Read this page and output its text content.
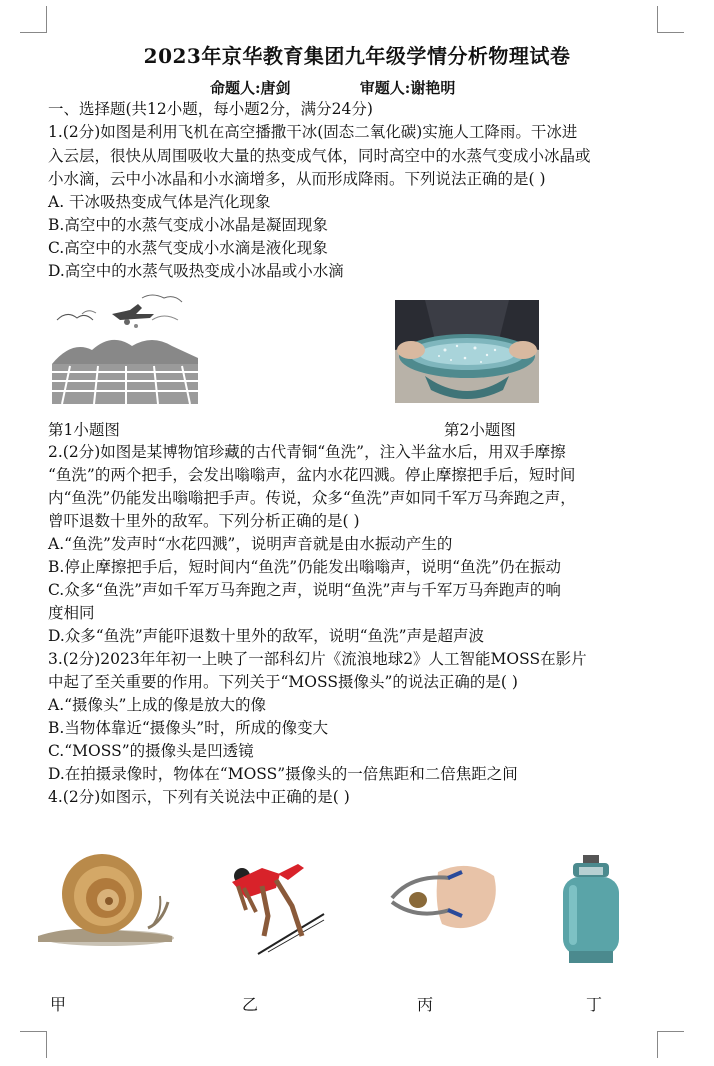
2023年京华教育集团九年级学情分析物理试卷
命题人:唐剑	审题人:谢艳明
一、选择题(共12小题，每小题2分，满分24分)
1.(2分)如图是利用飞机在高空播撒干冰(固态二氧化碳)实施人工降雨。干冰进
入云层，很快从周围吸收大量的热变成气体，同时高空中的水蒸气变成小冰晶或
小水滴，云中小冰晶和小水滴增多，从而形成降雨。下列说法正确的是( )
A. 干冰吸热变成气体是汽化现象
B.高空中的水蒸气变成小冰晶是凝固现象
C.高空中的水蒸气变成小水滴是液化现象
D.高空中的水蒸气吸热变成小冰晶或小水滴
第1小题图	第2小题图
2.(2分)如图是某博物馆珍藏的古代青铜“鱼洗”，注入半盆水后，用双手摩擦
“鱼洗”的两个把手，会发出嗡嗡声，盆内水花四溅。停止摩擦把手后，短时间
内“鱼洗”仍能发出嗡嗡把手声。传说，众多“鱼洗”声如同千军万马奔跑之声，
曾吓退数十里外的敌军。下列分析正确的是( )
A.“鱼洗”发声时“水花四溅”，说明声音就是由水振动产生的
B.停止摩擦把手后，短时间内“鱼洗”仍能发出嗡嗡声，说明“鱼洗”仍在振动
C.众多“鱼洗”声如千军万马奔跑之声，说明“鱼洗”声与千军万马奔跑声的响
度相同
D.众多“鱼洗”声能吓退数十里外的敌军，说明“鱼洗”声是超声波
3.(2分)2023年年初一上映了一部科幻片《流浪地球2》人工智能MOSS在影片
中起了至关重要的作用。下列关于“MOSS摄像头”的说法正确的是( )
A.“摄像头”上成的像是放大的像
B.当物体靠近“摄像头”时，所成的像变大
C.“MOSS”的摄像头是凹透镜
D.在拍摄录像时，物体在“MOSS”摄像头的一倍焦距和二倍焦距之间
4.(2分)如图示，下列有关说法中正确的是( )
甲	乙	丙	丁
